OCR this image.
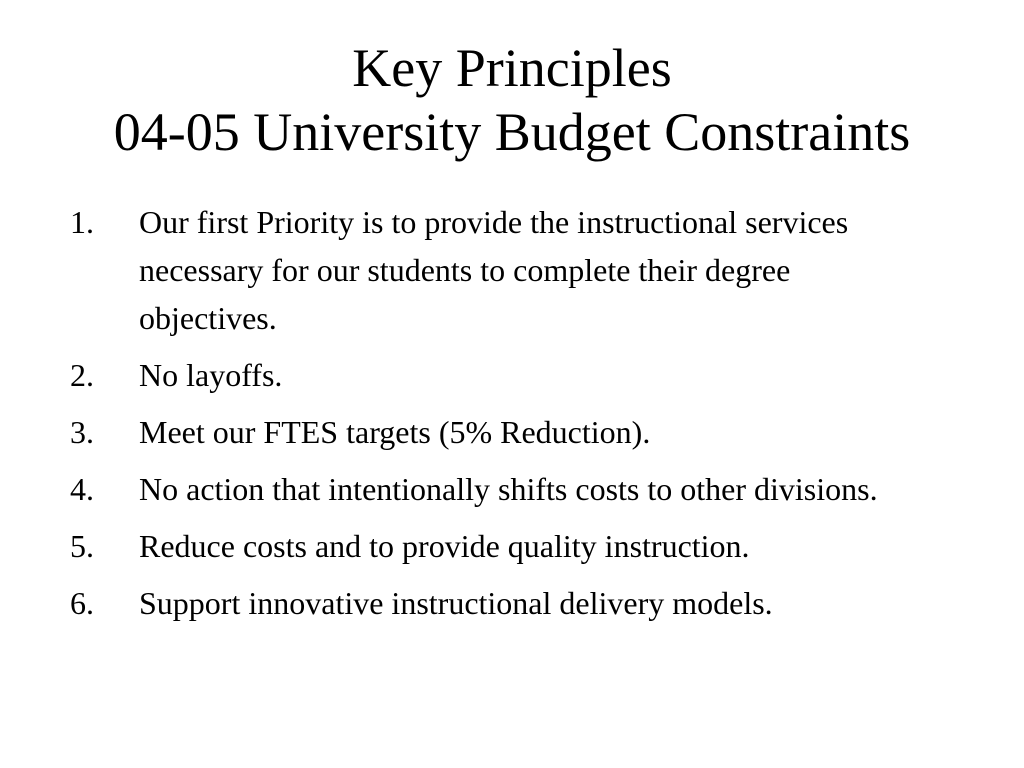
Key Principles
04-05 University Budget Constraints
1.	Our first Priority is to provide the instructional services necessary for our students to complete their degree objectives.
2.	No layoffs.
3.	Meet our FTES targets (5% Reduction).
4.	No action that intentionally shifts costs to other divisions.
5.	Reduce costs and to provide quality instruction.
6.	Support innovative instructional delivery models.
